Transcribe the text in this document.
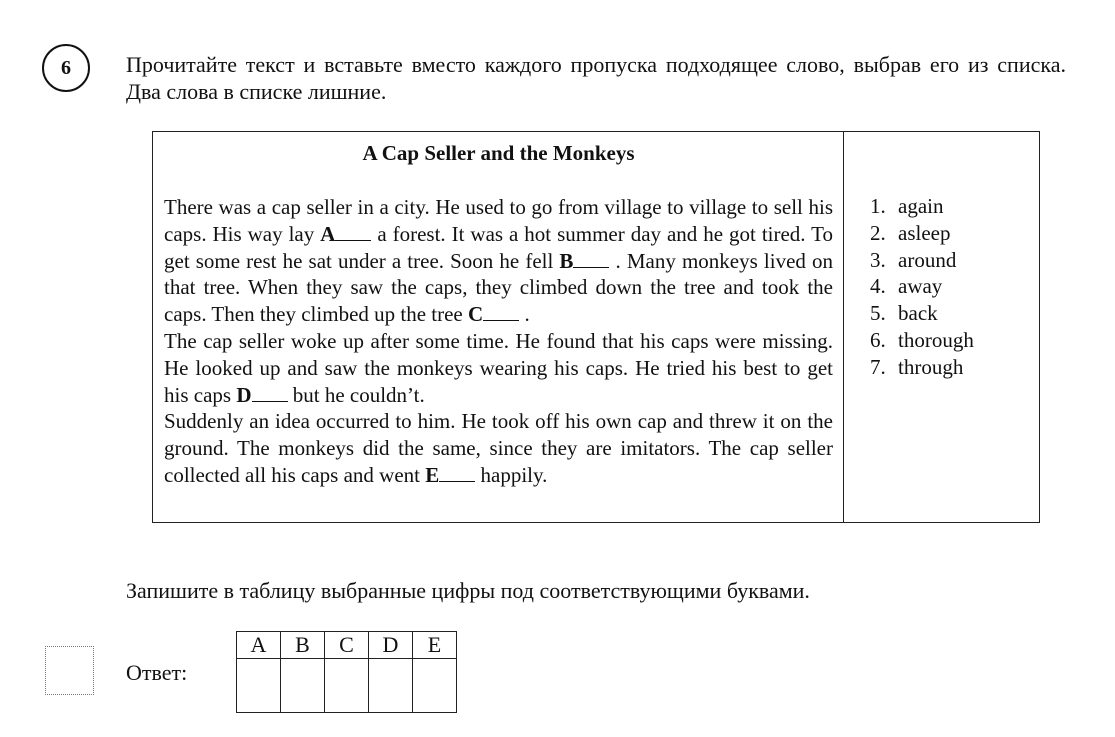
6	Прочитайте текст и вставьте вместо каждого пропуска подходящее слово, выбрав его из списка. Два слова в списке лишние.

A Cap Seller and the Monkeys

There was a cap seller in a city. He used to go from village to village to sell his caps. His way lay A a forest. It was a hot summer day and he got tired. To get some rest he sat under a tree. Soon he fell B . Many monkeys lived on that tree. When they saw the caps, they climbed down the tree and took the caps. Then they climbed up the tree C .

The cap seller woke up after some time. He found that his caps were missing. He looked up and saw the monkeys wearing his caps. He tried his best to get his caps D but he couldn’t.

Suddenly an idea occurred to him. He took off his own cap and threw it on the ground. The monkeys did the same, since they are imitators. The cap seller collected all his caps and went E happily.

1. again
2. asleep
3. around
4. away
5. back
6. thorough
7. through

Запишите в таблицу выбранные цифры под соответствующими буквами.

Ответ:
A	B	C	D	E
